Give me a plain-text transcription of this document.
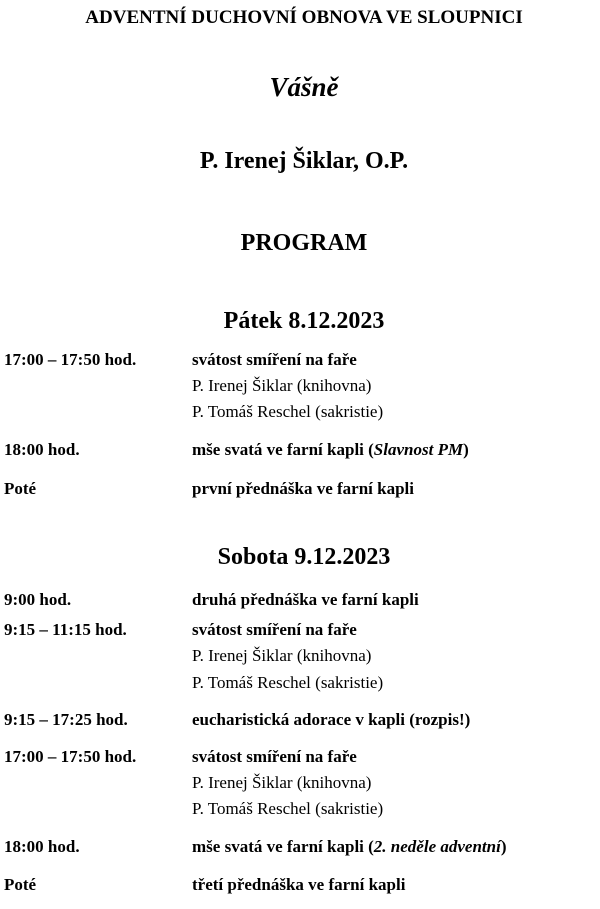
ADVENTNÍ DUCHOVNÍ OBNOVA VE SLOUPNICI
Vášně
P. Irenej Šiklar, O.P.
PROGRAM
Pátek 8.12.2023
17:00 – 17:50 hod.	svátost smíření na faře
P. Irenej Šiklar (knihovna)
P. Tomáš Reschel (sakristie)
18:00 hod.	mše svatá ve farní kapli (Slavnost PM)
Poté	první přednáška ve farní kapli
Sobota 9.12.2023
9:00 hod.	druhá přednáška ve farní kapli
9:15 – 11:15 hod.	svátost smíření na faře
P. Irenej Šiklar (knihovna)
P. Tomáš Reschel (sakristie)
9:15 – 17:25 hod.	eucharistická adorace v kapli (rozpis!)
17:00 – 17:50 hod.	svátost smíření na faře
P. Irenej Šiklar (knihovna)
P. Tomáš Reschel (sakristie)
18:00 hod.	mše svatá ve farní kapli (2. neděle adventní)
Poté	třetí přednáška ve farní kapli
